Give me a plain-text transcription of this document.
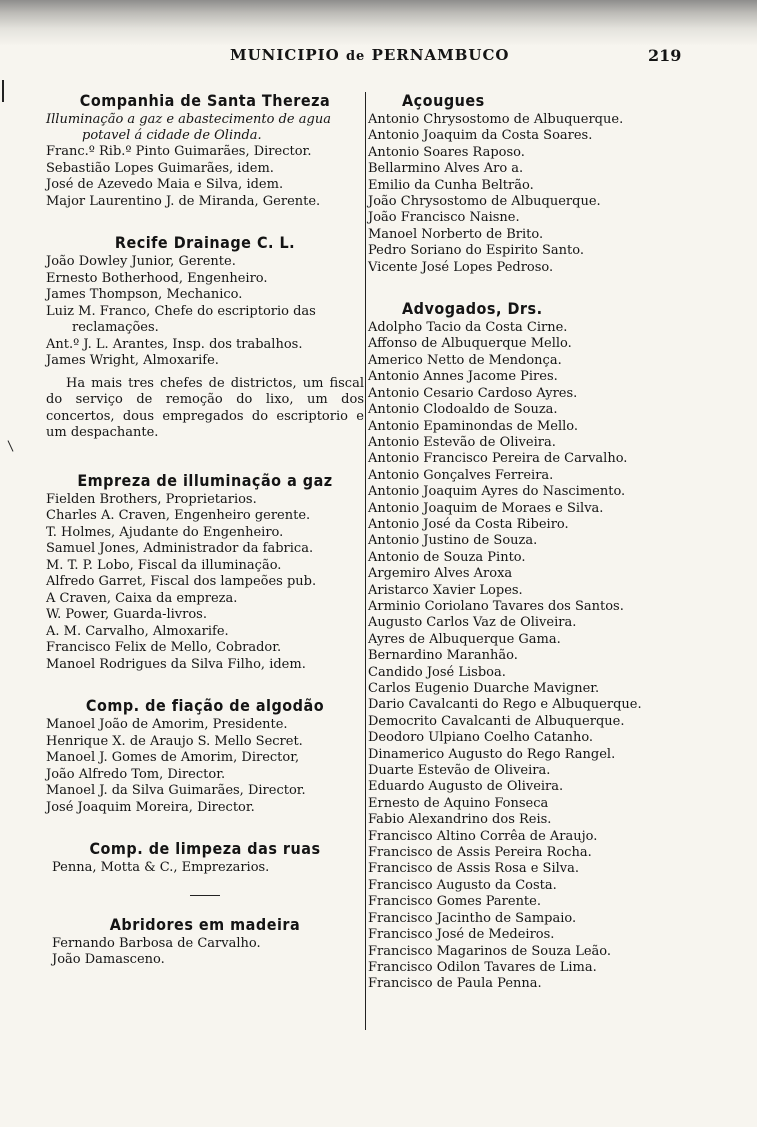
MUNICIPIO de PERNAMBUCO	219
Companhia de Santa Thereza
Illuminação a gaz e abastecimento de agua
potavel á cidade de Olinda.
Franc.º Rib.º Pinto Guimarães, Director.
Sebastião Lopes Guimarães, idem.
José de Azevedo Maia e Silva, idem.
Major Laurentino J. de Miranda, Gerente.
Recife Drainage C. L.
João Dowley Junior, Gerente.
Ernesto Botherhood, Engenheiro.
James Thompson, Mechanico.
Luiz M. Franco, Chefe do escriptorio das
reclamações.
Ant.º J. L. Arantes, Insp. dos trabalhos.
James Wright, Almoxarife.
Ha mais tres chefes de districtos, um fiscal do serviço de remoção do lixo, um dos concertos, dous empregados do escriptorio e um despachante.
Empreza de illuminação a gaz
Fielden Brothers, Proprietarios.
Charles A. Craven, Engenheiro gerente.
T. Holmes, Ajudante do Engenheiro.
Samuel Jones, Administrador da fabrica.
M. T. P. Lobo, Fiscal da illuminação.
Alfredo Garret, Fiscal dos lampeões pub.
A Craven, Caixa da empreza.
W. Power, Guarda-livros.
A. M. Carvalho, Almoxarife.
Francisco Felix de Mello, Cobrador.
Manoel Rodrigues da Silva Filho, idem.
Comp. de fiação de algodão
Manoel João de Amorim, Presidente.
Henrique X. de Araujo S. Mello Secret.
Manoel J. Gomes de Amorim, Director,
João Alfredo Tom, Director.
Manoel J. da Silva Guimarães, Director.
José Joaquim Moreira, Director.
Comp. de limpeza das ruas
Penna, Motta & C., Emprezarios.
Abridores em madeira
Fernando Barbosa de Carvalho.
João Damasceno.
Açougues
Antonio Chrysostomo de Albuquerque.
Antonio Joaquim da Costa Soares.
Antonio Soares Raposo.
Bellarmino Alves Aro a.
Emilio da Cunha Beltrão.
João Chrysostomo de Albuquerque.
João Francisco Naisne.
Manoel Norberto de Brito.
Pedro Soriano do Espirito Santo.
Vicente José Lopes Pedroso.
Advogados, Drs.
Adolpho Tacio da Costa Cirne.
Affonso de Albuquerque Mello.
Americo Netto de Mendonça.
Antonio Annes Jacome Pires.
Antonio Cesario Cardoso Ayres.
Antonio Clodoaldo de Souza.
Antonio Epaminondas de Mello.
Antonio Estevão de Oliveira.
Antonio Francisco Pereira de Carvalho.
Antonio Gonçalves Ferreira.
Antonio Joaquim Ayres do Nascimento.
Antonio Joaquim de Moraes e Silva.
Antonio José da Costa Ribeiro.
Antonio Justino de Souza.
Antonio de Souza Pinto.
Argemiro Alves Aroxa
Aristarco Xavier Lopes.
Arminio Coriolano Tavares dos Santos.
Augusto Carlos Vaz de Oliveira.
Ayres de Albuquerque Gama.
Bernardino Maranhão.
Candido José Lisboa.
Carlos Eugenio Duarche Mavigner.
Dario Cavalcanti do Rego e Albuquerque.
Democrito Cavalcanti de Albuquerque.
Deodoro Ulpiano Coelho Catanho.
Dinamerico Augusto do Rego Rangel.
Duarte Estevão de Oliveira.
Eduardo Augusto de Oliveira.
Ernesto de Aquino Fonseca
Fabio Alexandrino dos Reis.
Francisco Altino Corrêa de Araujo.
Francisco de Assis Pereira Rocha.
Francisco de Assis Rosa e Silva.
Francisco Augusto da Costa.
Francisco Gomes Parente.
Francisco Jacintho de Sampaio.
Francisco José de Medeiros.
Francisco Magarinos de Souza Leão.
Francisco Odilon Tavares de Lima.
Francisco de Paula Penna.
